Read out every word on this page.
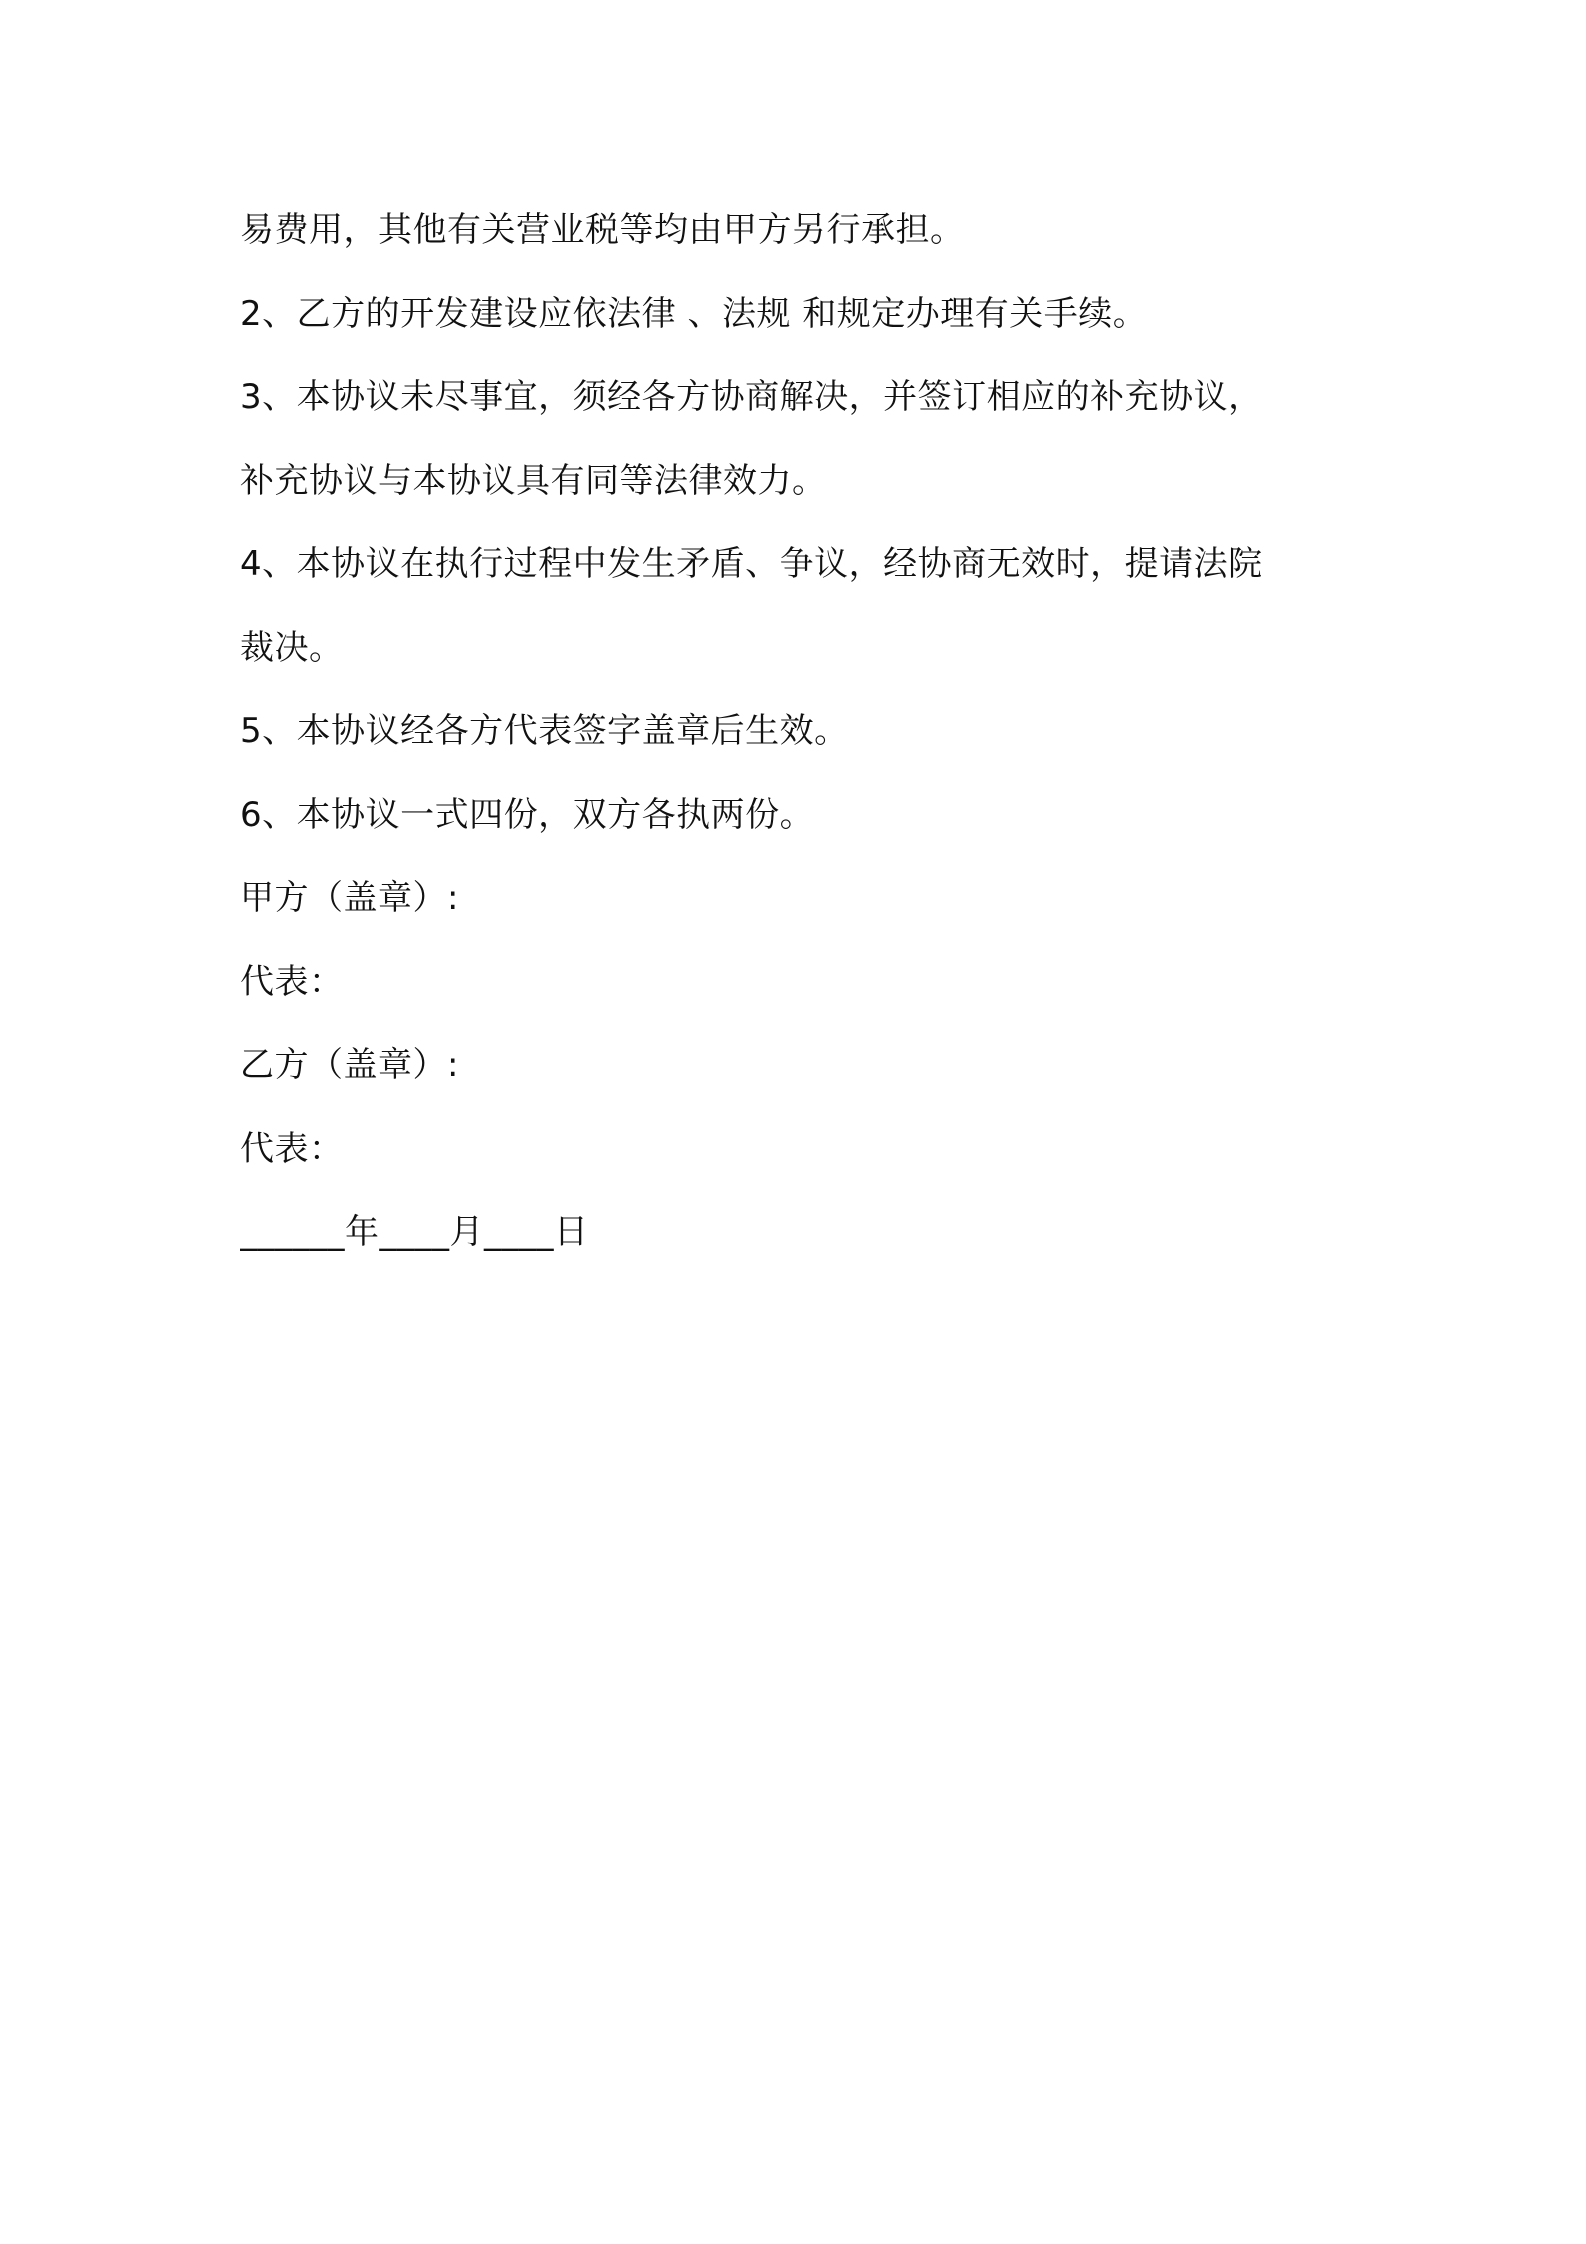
易费用，其他有关营业税等均由甲方另行承担。
2、乙方的开发建设应依法律 、法规 和规定办理有关手续。
3、本协议未尽事宜，须经各方协商解决，并签订相应的补充协议，
补充协议与本协议具有同等法律效力。
4、本协议在执行过程中发生矛盾、争议，经协商无效时，提请法院
裁决。
5、本协议经各方代表签字盖章后生效。
6、本协议一式四份，双方各执两份。
甲方（盖章）:
代表：
乙方（盖章）:
代表：
______年____月____日
